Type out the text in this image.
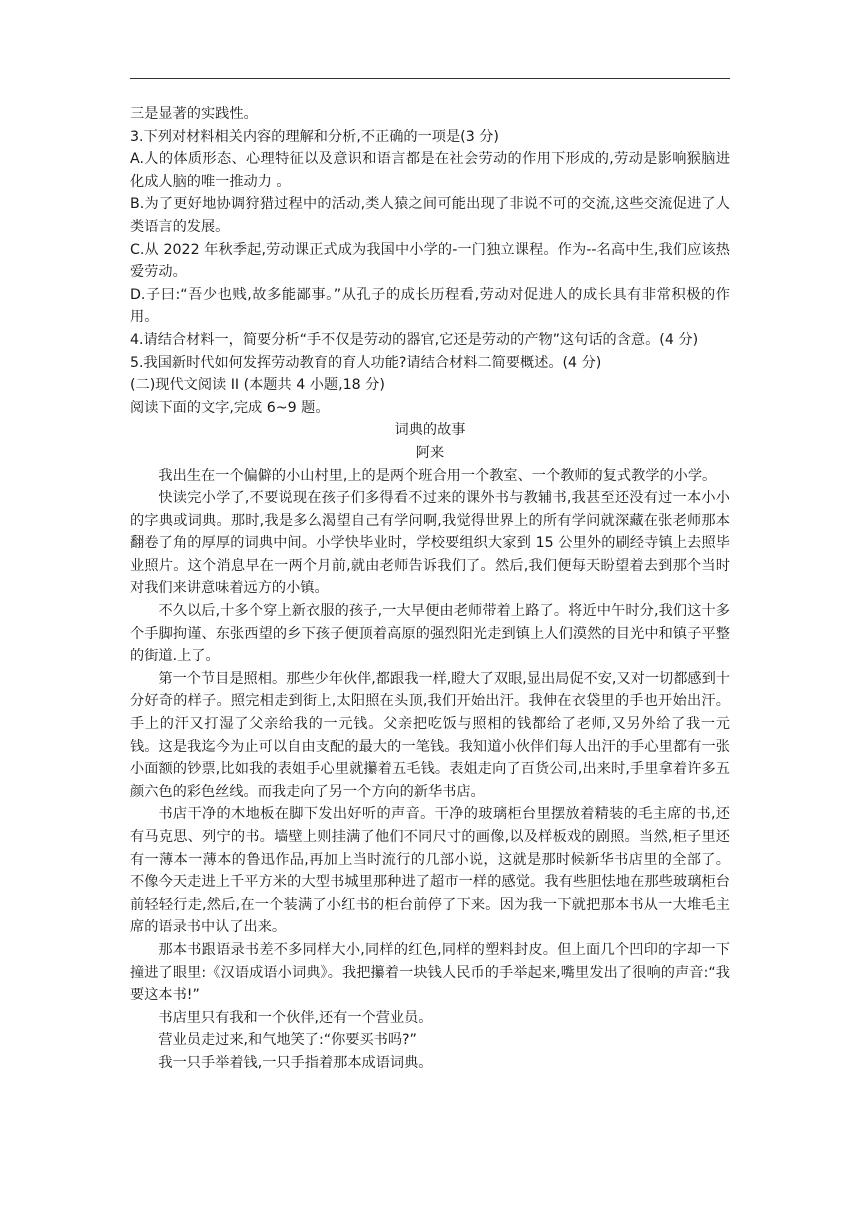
三是显著的实践性。

3.下列对材料相关内容的理解和分析,不正确的一项是(3 分)

A.人的体质形态、心理特征以及意识和语言都是在社会劳动的作用下形成的,劳动是影响猴脑进化成人脑的唯一推动力 。

B.为了更好地协调狩猎过程中的活动,类人猿之间可能出现了非说不可的交流,这些交流促进了人类语言的发展。

C.从 2022 年秋季起,劳动课正式成为我国中小学的-一门独立课程。作为--名高中生,我们应该热爱劳动。

D.子曰:“吾少也贱,故多能鄙事。”从孔子的成长历程看,劳动对促进人的成长具有非常积极的作用。

4.请结合材料一，简要分析“手不仅是劳动的器官,它还是劳动的产物”这句话的含意。(4 分)

5.我国新时代如何发挥劳动教育的育人功能?请结合材料二简要概述。(4 分)

(二)现代文阅读 II (本题共 4 小题,18 分)

阅读下面的文字,完成 6~9 题。

词典的故事

阿来

我出生在一个偏僻的小山村里,上的是两个班合用一个教室、一个教师的复式教学的小学。

快读完小学了,不要说现在孩子们多得看不过来的课外书与教辅书,我甚至还没有过一本小小的字典或词典。那时,我是多么渴望自己有学问啊,我觉得世界上的所有学问就深藏在张老师那本翻卷了角的厚厚的词典中间。小学快毕业时，学校要组织大家到 15 公里外的刷经寺镇上去照毕业照片。这个消息早在一两个月前,就由老师告诉我们了。然后,我们便每天盼望着去到那个当时对我们来讲意味着远方的小镇。

不久以后,十多个穿上新衣服的孩子,一大早便由老师带着上路了。将近中午时分,我们这十多个手脚拘谨、东张西望的乡下孩子便顶着高原的强烈阳光走到镇上人们漠然的目光中和镇子平整的街道.上了。

第一个节目是照相。那些少年伙伴,都跟我一样,瞪大了双眼,显出局促不安,又对一切都感到十分好奇的样子。照完相走到街上,太阳照在头顶,我们开始出汗。我伸在衣袋里的手也开始出汗。手上的汗又打湿了父亲给我的一元钱。父亲把吃饭与照相的钱都给了老师,又另外给了我一元钱。这是我迄今为止可以自由支配的最大的一笔钱。我知道小伙伴们每人出汗的手心里都有一张小面额的钞票,比如我的表姐手心里就攥着五毛钱。表姐走向了百货公司,出来时,手里拿着许多五颜六色的彩色丝线。而我走向了另一个方向的新华书店。

书店干净的木地板在脚下发出好听的声音。干净的玻璃柜台里摆放着精装的毛主席的书,还有马克思、列宁的书。墙壁上则挂满了他们不同尺寸的画像,以及样板戏的剧照。当然,柜子里还有一薄本一薄本的鲁迅作品,再加上当时流行的几部小说，这就是那时候新华书店里的全部了。不像今天走进上千平方米的大型书城里那种进了超市一样的感觉。我有些胆怯地在那些玻璃柜台前轻轻行走,然后,在一个装满了小红书的柜台前停了下来。因为我一下就把那本书从一大堆毛主席的语录书中认了出来。

那本书跟语录书差不多同样大小,同样的红色,同样的塑料封皮。但上面几个凹印的字却一下撞进了眼里:《汉语成语小词典》。我把攥着一块钱人民币的手举起来,嘴里发出了很响的声音:“我要这本书!”

书店里只有我和一个伙伴,还有一个营业员。

营业员走过来,和气地笑了:“你要买书吗?”

我一只手举着钱,一只手指着那本成语词典。
